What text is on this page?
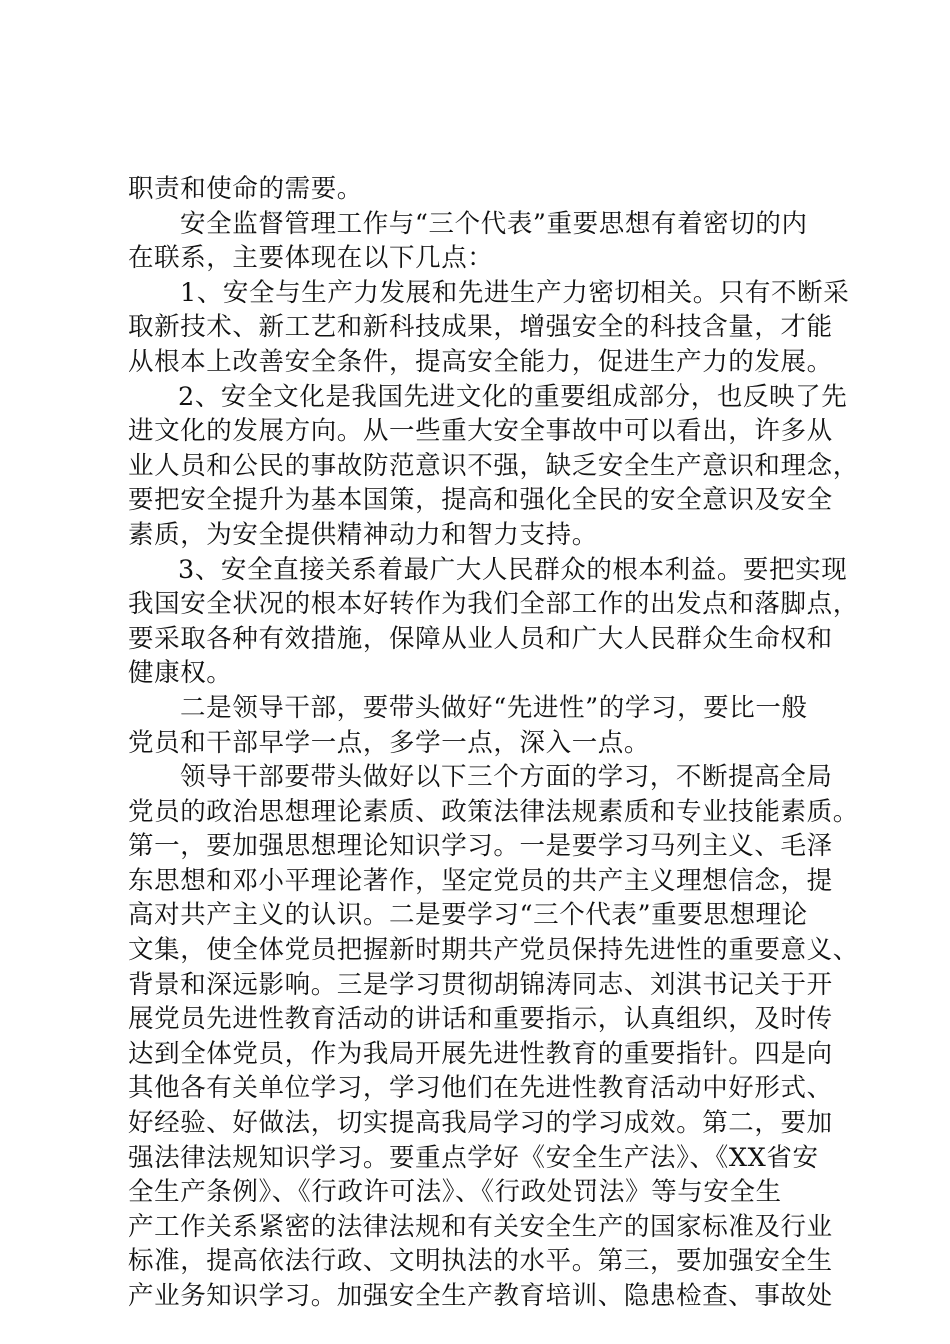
职责和使命的需要。
安全监督管理工作与“三个代表”重要思想有着密切的内
在联系，主要体现在以下几点：
1、安全与生产力发展和先进生产力密切相关。只有不断采
取新技术、新工艺和新科技成果，增强安全的科技含量，才能
从根本上改善安全条件，提高安全能力，促进生产力的发展。
2、安全文化是我国先进文化的重要组成部分，也反映了先
进文化的发展方向。从一些重大安全事故中可以看出，许多从
业人员和公民的事故防范意识不强，缺乏安全生产意识和理念，
要把安全提升为基本国策，提高和强化全民的安全意识及安全
素质，为安全提供精神动力和智力支持。
3、安全直接关系着最广大人民群众的根本利益。要把实现
我国安全状况的根本好转作为我们全部工作的出发点和落脚点，
要采取各种有效措施，保障从业人员和广大人民群众生命权和
健康权。
二是领导干部，要带头做好“先进性”的学习，要比一般
党员和干部早学一点，多学一点，深入一点。
领导干部要带头做好以下三个方面的学习，不断提高全局
党员的政治思想理论素质、政策法律法规素质和专业技能素质。
第一，要加强思想理论知识学习。一是要学习马列主义、毛泽
东思想和邓小平理论著作，坚定党员的共产主义理想信念，提
高对共产主义的认识。二是要学习“三个代表”重要思想理论
文集，使全体党员把握新时期共产党员保持先进性的重要意义、
背景和深远影响。三是学习贯彻胡锦涛同志、刘淇书记关于开
展党员先进性教育活动的讲话和重要指示，认真组织，及时传
达到全体党员，作为我局开展先进性教育的重要指针。四是向
其他各有关单位学习，学习他们在先进性教育活动中好形式、
好经验、好做法，切实提高我局学习的学习成效。第二，要加
强法律法规知识学习。要重点学好《安全生产法》、《XX省安
全生产条例》、《行政许可法》、《行政处罚法》等与安全生
产工作关系紧密的法律法规和有关安全生产的国家标准及行业
标准，提高依法行政、文明执法的水平。第三，要加强安全生
产业务知识学习。加强安全生产教育培训、隐患检查、事故处
